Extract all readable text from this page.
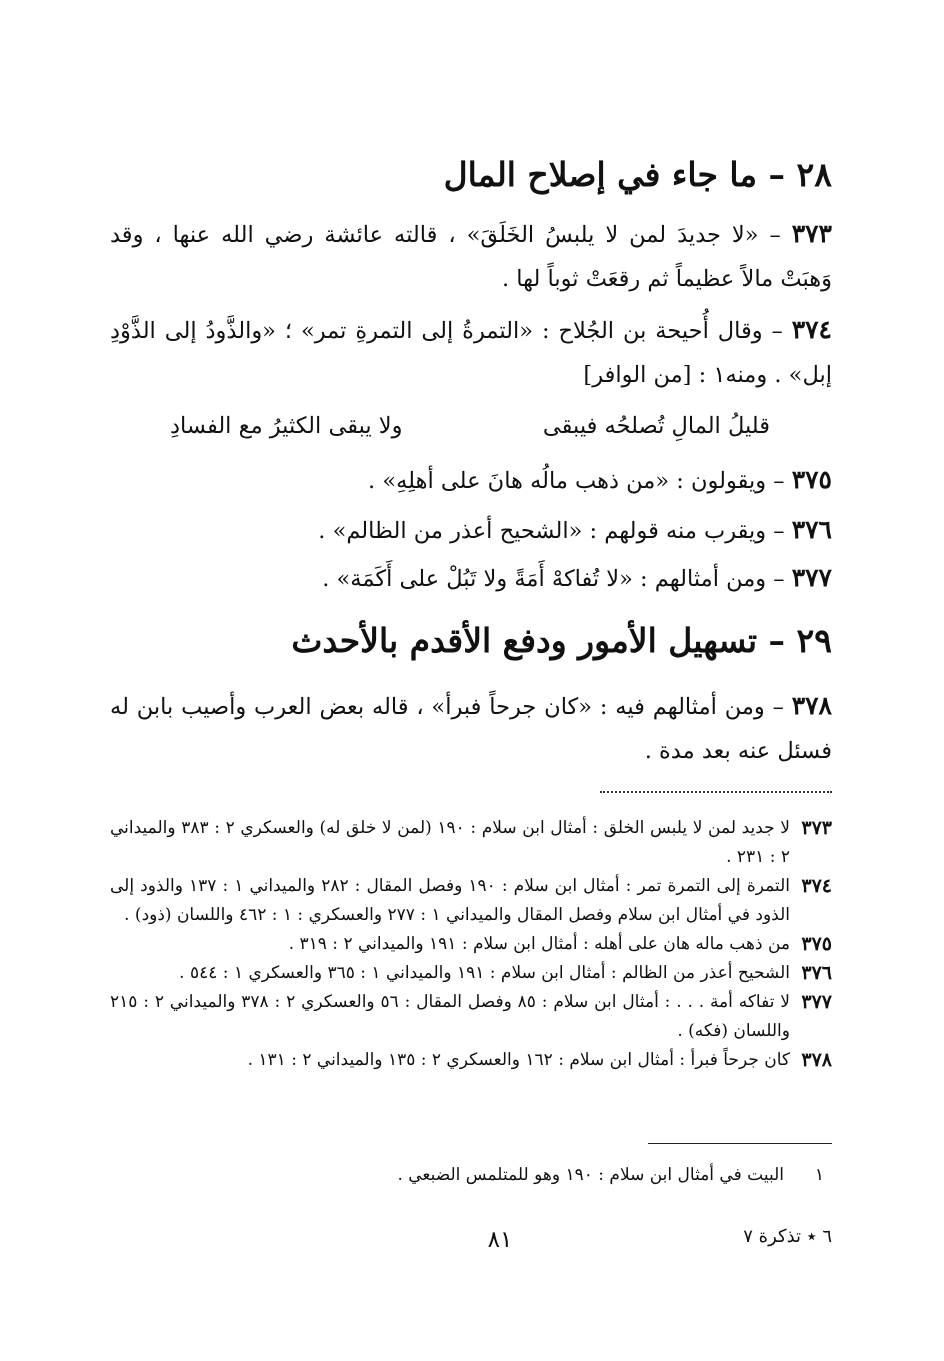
٢٨ – ما جاء في إصلاح المال

٣٧٣ – «لا جديدَ لمن لا يلبسُ الخَلَقَ» ، قالته عائشة رضي الله عنها ، وقد وَهبَتْ مالاً عظيماً ثم رقعَتْ ثوباً لها .

٣٧٤ – وقال أُحيحة بن الجُلاح : «التمرةُ إلى التمرةِ تمر» ؛ «والذَّودُ إلى الذَّوْدِ إبل» . ومنه١ : [من الوافر]

قليلُ المالِ تُصلحُه فيبقى
ولا يبقى الكثيرُ مع الفسادِ

٣٧٥ – ويقولون : «من ذهب مالُه هانَ على أهلِهِ» .

٣٧٦ – ويقرب منه قولهم : «الشحيح أعذر من الظالم» .

٣٧٧ – ومن أمثالهم : «لا تُفاكهْ أَمَةً ولا تَبُلْ على أَكَمَة» .

٢٩ – تسهيل الأمور ودفع الأقدم بالأحدث

٣٧٨ – ومن أمثالهم فيه : «كان جرحاً فبرأ» ، قاله بعض العرب وأصيب بابن له فسئل عنه بعد مدة .

٣٧٣
لا جديد لمن لا يلبس الخلق : أمثال ابن سلام : ١٩٠ (لمن لا خلق له) والعسكري ٢ : ٣٨٣ والميداني ٢ : ٢٣١ .

٣٧٤
التمرة إلى التمرة تمر : أمثال ابن سلام : ١٩٠ وفصل المقال : ٢٨٢ والميداني ١ : ١٣٧ والذود إلى الذود في أمثال ابن سلام وفصل المقال والميداني ١ : ٢٧٧ والعسكري : ١ : ٤٦٢ واللسان (ذود) .

٣٧٥
من ذهب ماله هان على أهله : أمثال ابن سلام : ١٩١ والميداني ٢ : ٣١٩ .

٣٧٦
الشحيح أعذر من الظالم : أمثال ابن سلام : ١٩١ والميداني ١ : ٣٦٥ والعسكري ١ : ٥٤٤ .

٣٧٧
لا تفاكه أمة . . . : أمثال ابن سلام : ٨٥ وفصل المقال : ٥٦ والعسكري ٢ : ٣٧٨ والميداني ٢ : ٢١٥ واللسان (فكه) .

٣٧٨
كان جرحاً فبرأ : أمثال ابن سلام : ١٦٢ والعسكري ٢ : ١٣٥ والميداني ٢ : ١٣١ .

١
البيت في أمثال ابن سلام : ١٩٠ وهو للمتلمس الضبعي .
٦ ٭ تذكرة ٧
٨١
